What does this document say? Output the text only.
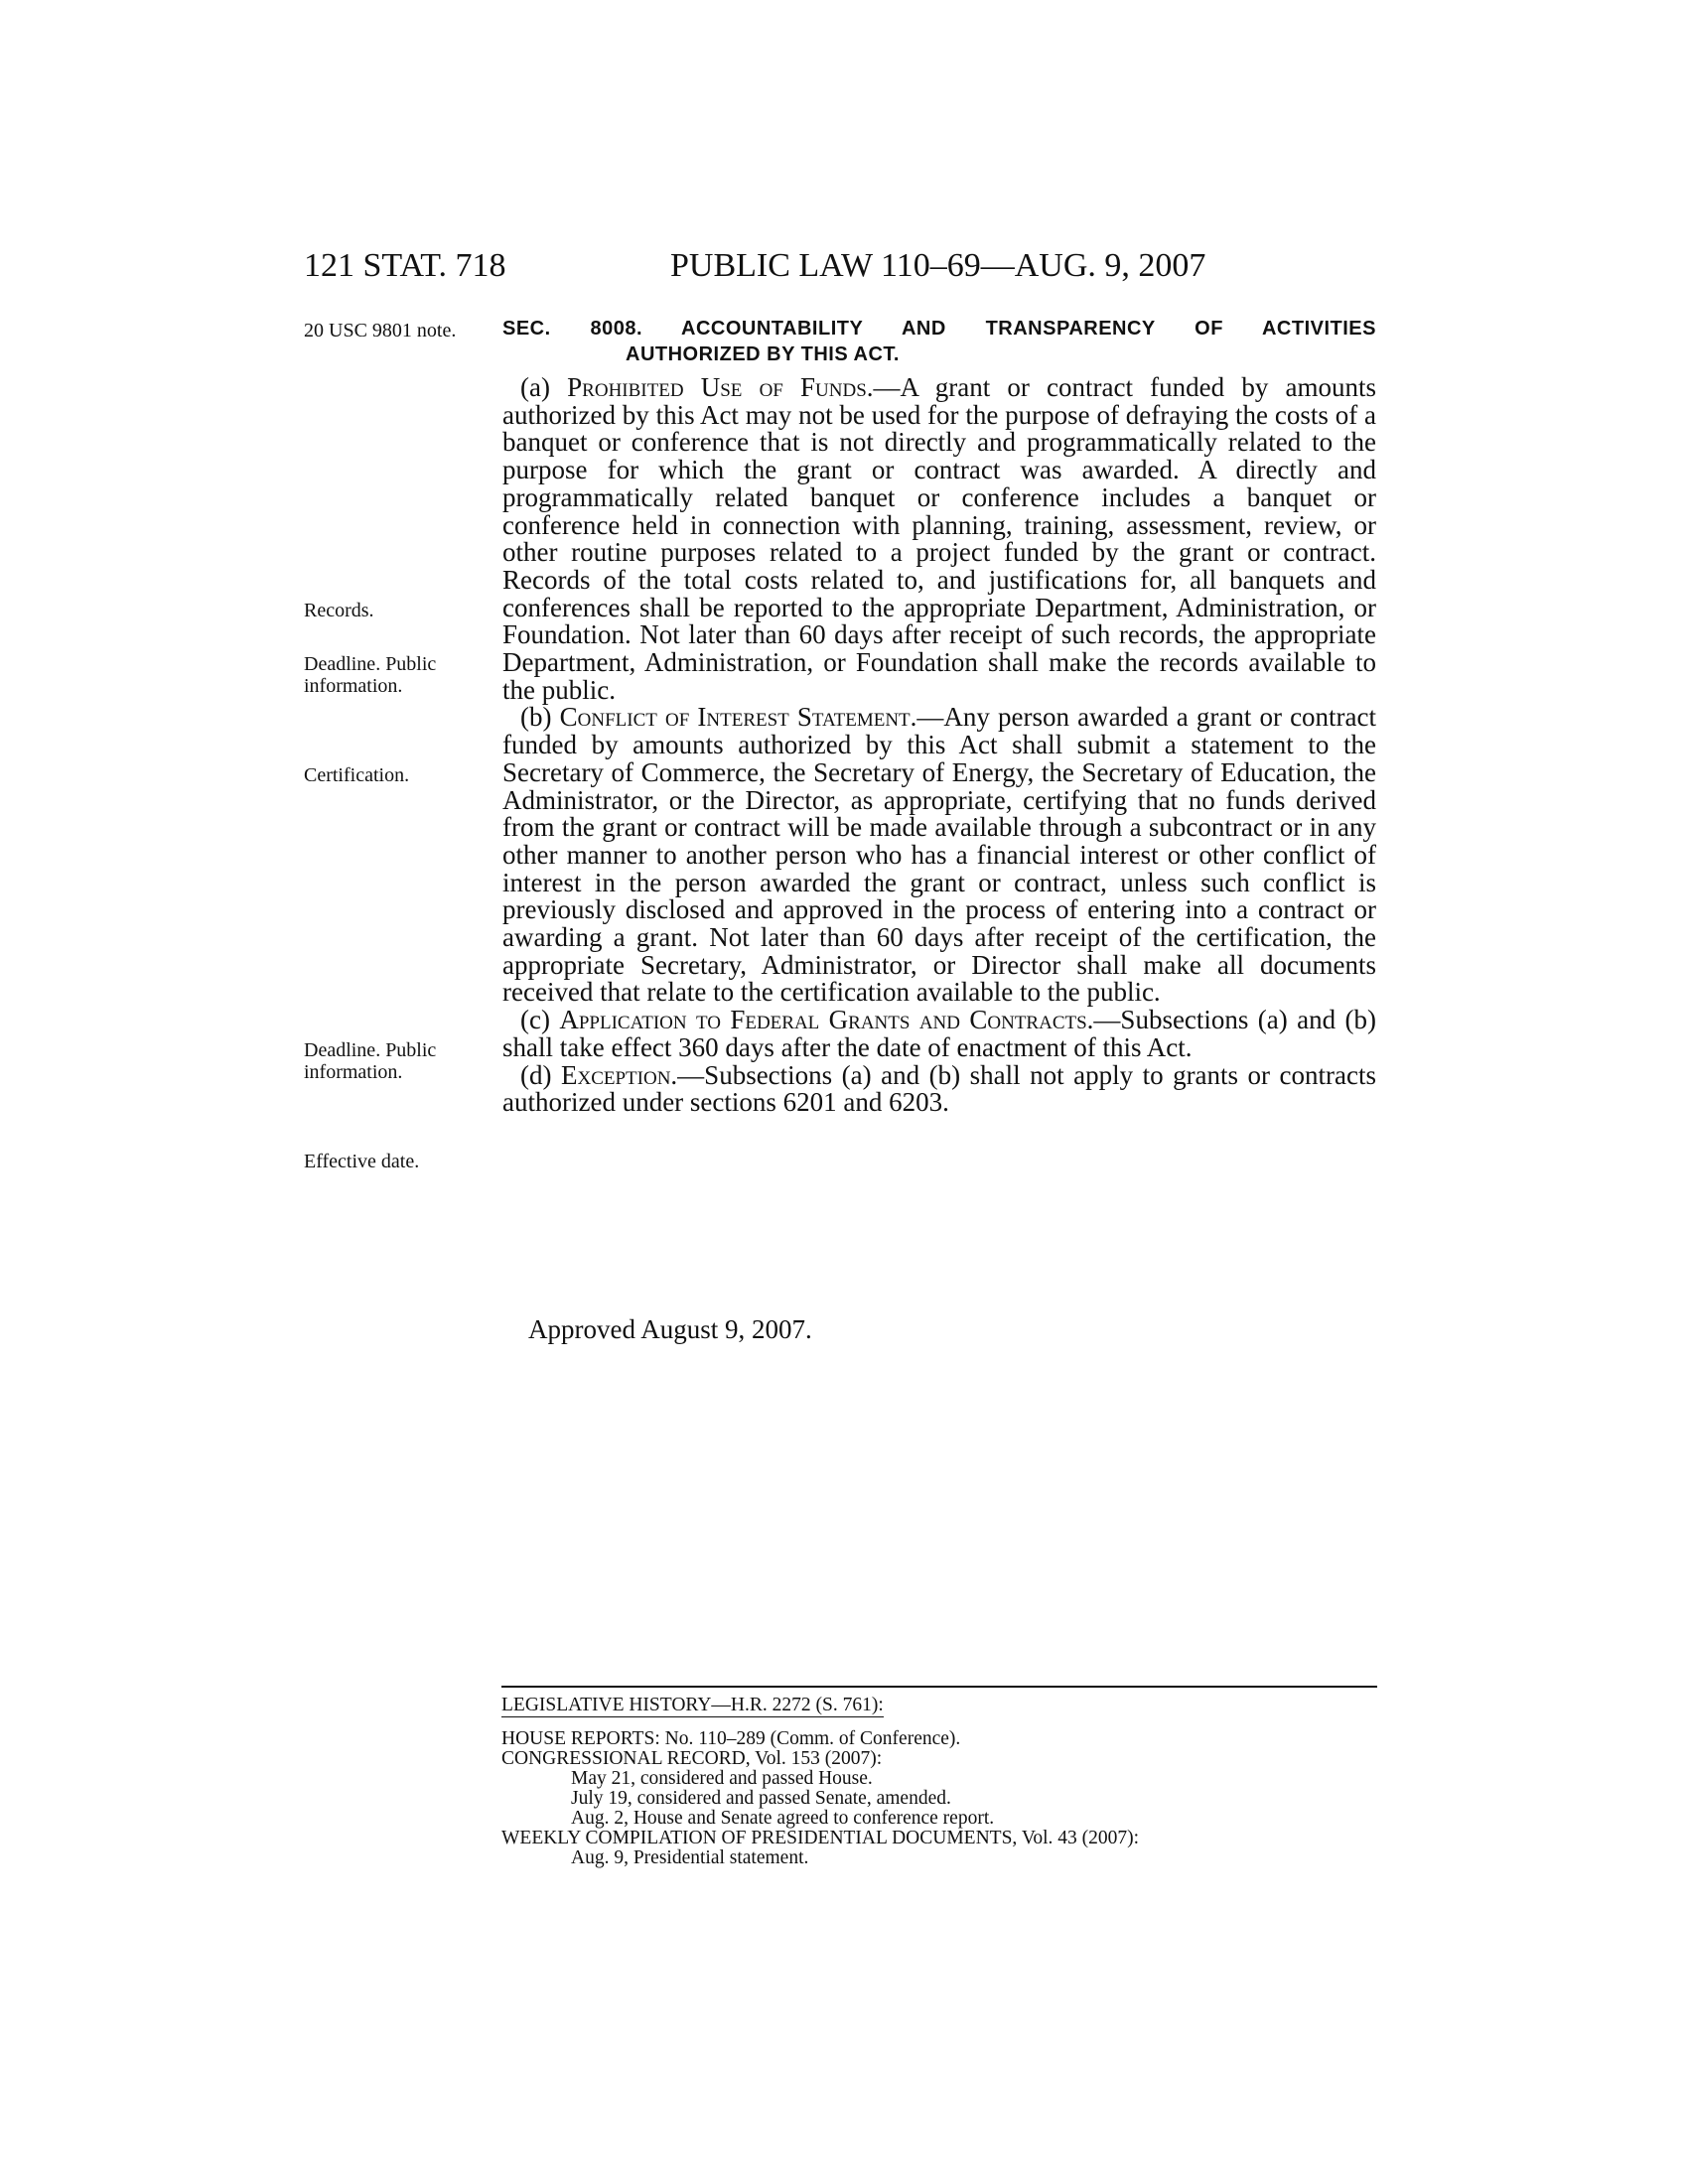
121 STAT. 718	PUBLIC LAW 110–69—AUG. 9, 2007
20 USC 9801 note.
Records.
Deadline. Public information.
Certification.
Deadline. Public information.
Effective date.
SEC. 8008. ACCOUNTABILITY AND TRANSPARENCY OF ACTIVITIES
AUTHORIZED BY THIS ACT.

(a) Prohibited Use of Funds.—A grant or contract funded by amounts authorized by this Act may not be used for the purpose of defraying the costs of a banquet or conference that is not directly and programmatically related to the purpose for which the grant or contract was awarded. A directly and programmatically related banquet or conference includes a banquet or conference held in connection with planning, training, assessment, review, or other routine purposes related to a project funded by the grant or contract. Records of the total costs related to, and justifications for, all banquets and conferences shall be reported to the appropriate Department, Administration, or Foundation. Not later than 60 days after receipt of such records, the appropriate Department, Administration, or Foundation shall make the records available to the public.

(b) Conflict of Interest Statement.—Any person awarded a grant or contract funded by amounts authorized by this Act shall submit a statement to the Secretary of Commerce, the Secretary of Energy, the Secretary of Education, the Administrator, or the Director, as appropriate, certifying that no funds derived from the grant or contract will be made available through a subcontract or in any other manner to another person who has a financial interest or other conflict of interest in the person awarded the grant or contract, unless such conflict is previously disclosed and approved in the process of entering into a contract or awarding a grant. Not later than 60 days after receipt of the certification, the appropriate Secretary, Administrator, or Director shall make all documents received that relate to the certification available to the public.

(c) Application to Federal Grants and Contracts.—Subsections (a) and (b) shall take effect 360 days after the date of enactment of this Act.

(d) Exception.—Subsections (a) and (b) shall not apply to grants or contracts authorized under sections 6201 and 6203.

Approved August 9, 2007.
LEGISLATIVE HISTORY—H.R. 2272 (S. 761):
HOUSE REPORTS: No. 110–289 (Comm. of Conference).
CONGRESSIONAL RECORD, Vol. 153 (2007):
May 21, considered and passed House.
July 19, considered and passed Senate, amended.
Aug. 2, House and Senate agreed to conference report.
WEEKLY COMPILATION OF PRESIDENTIAL DOCUMENTS, Vol. 43 (2007):
Aug. 9, Presidential statement.
